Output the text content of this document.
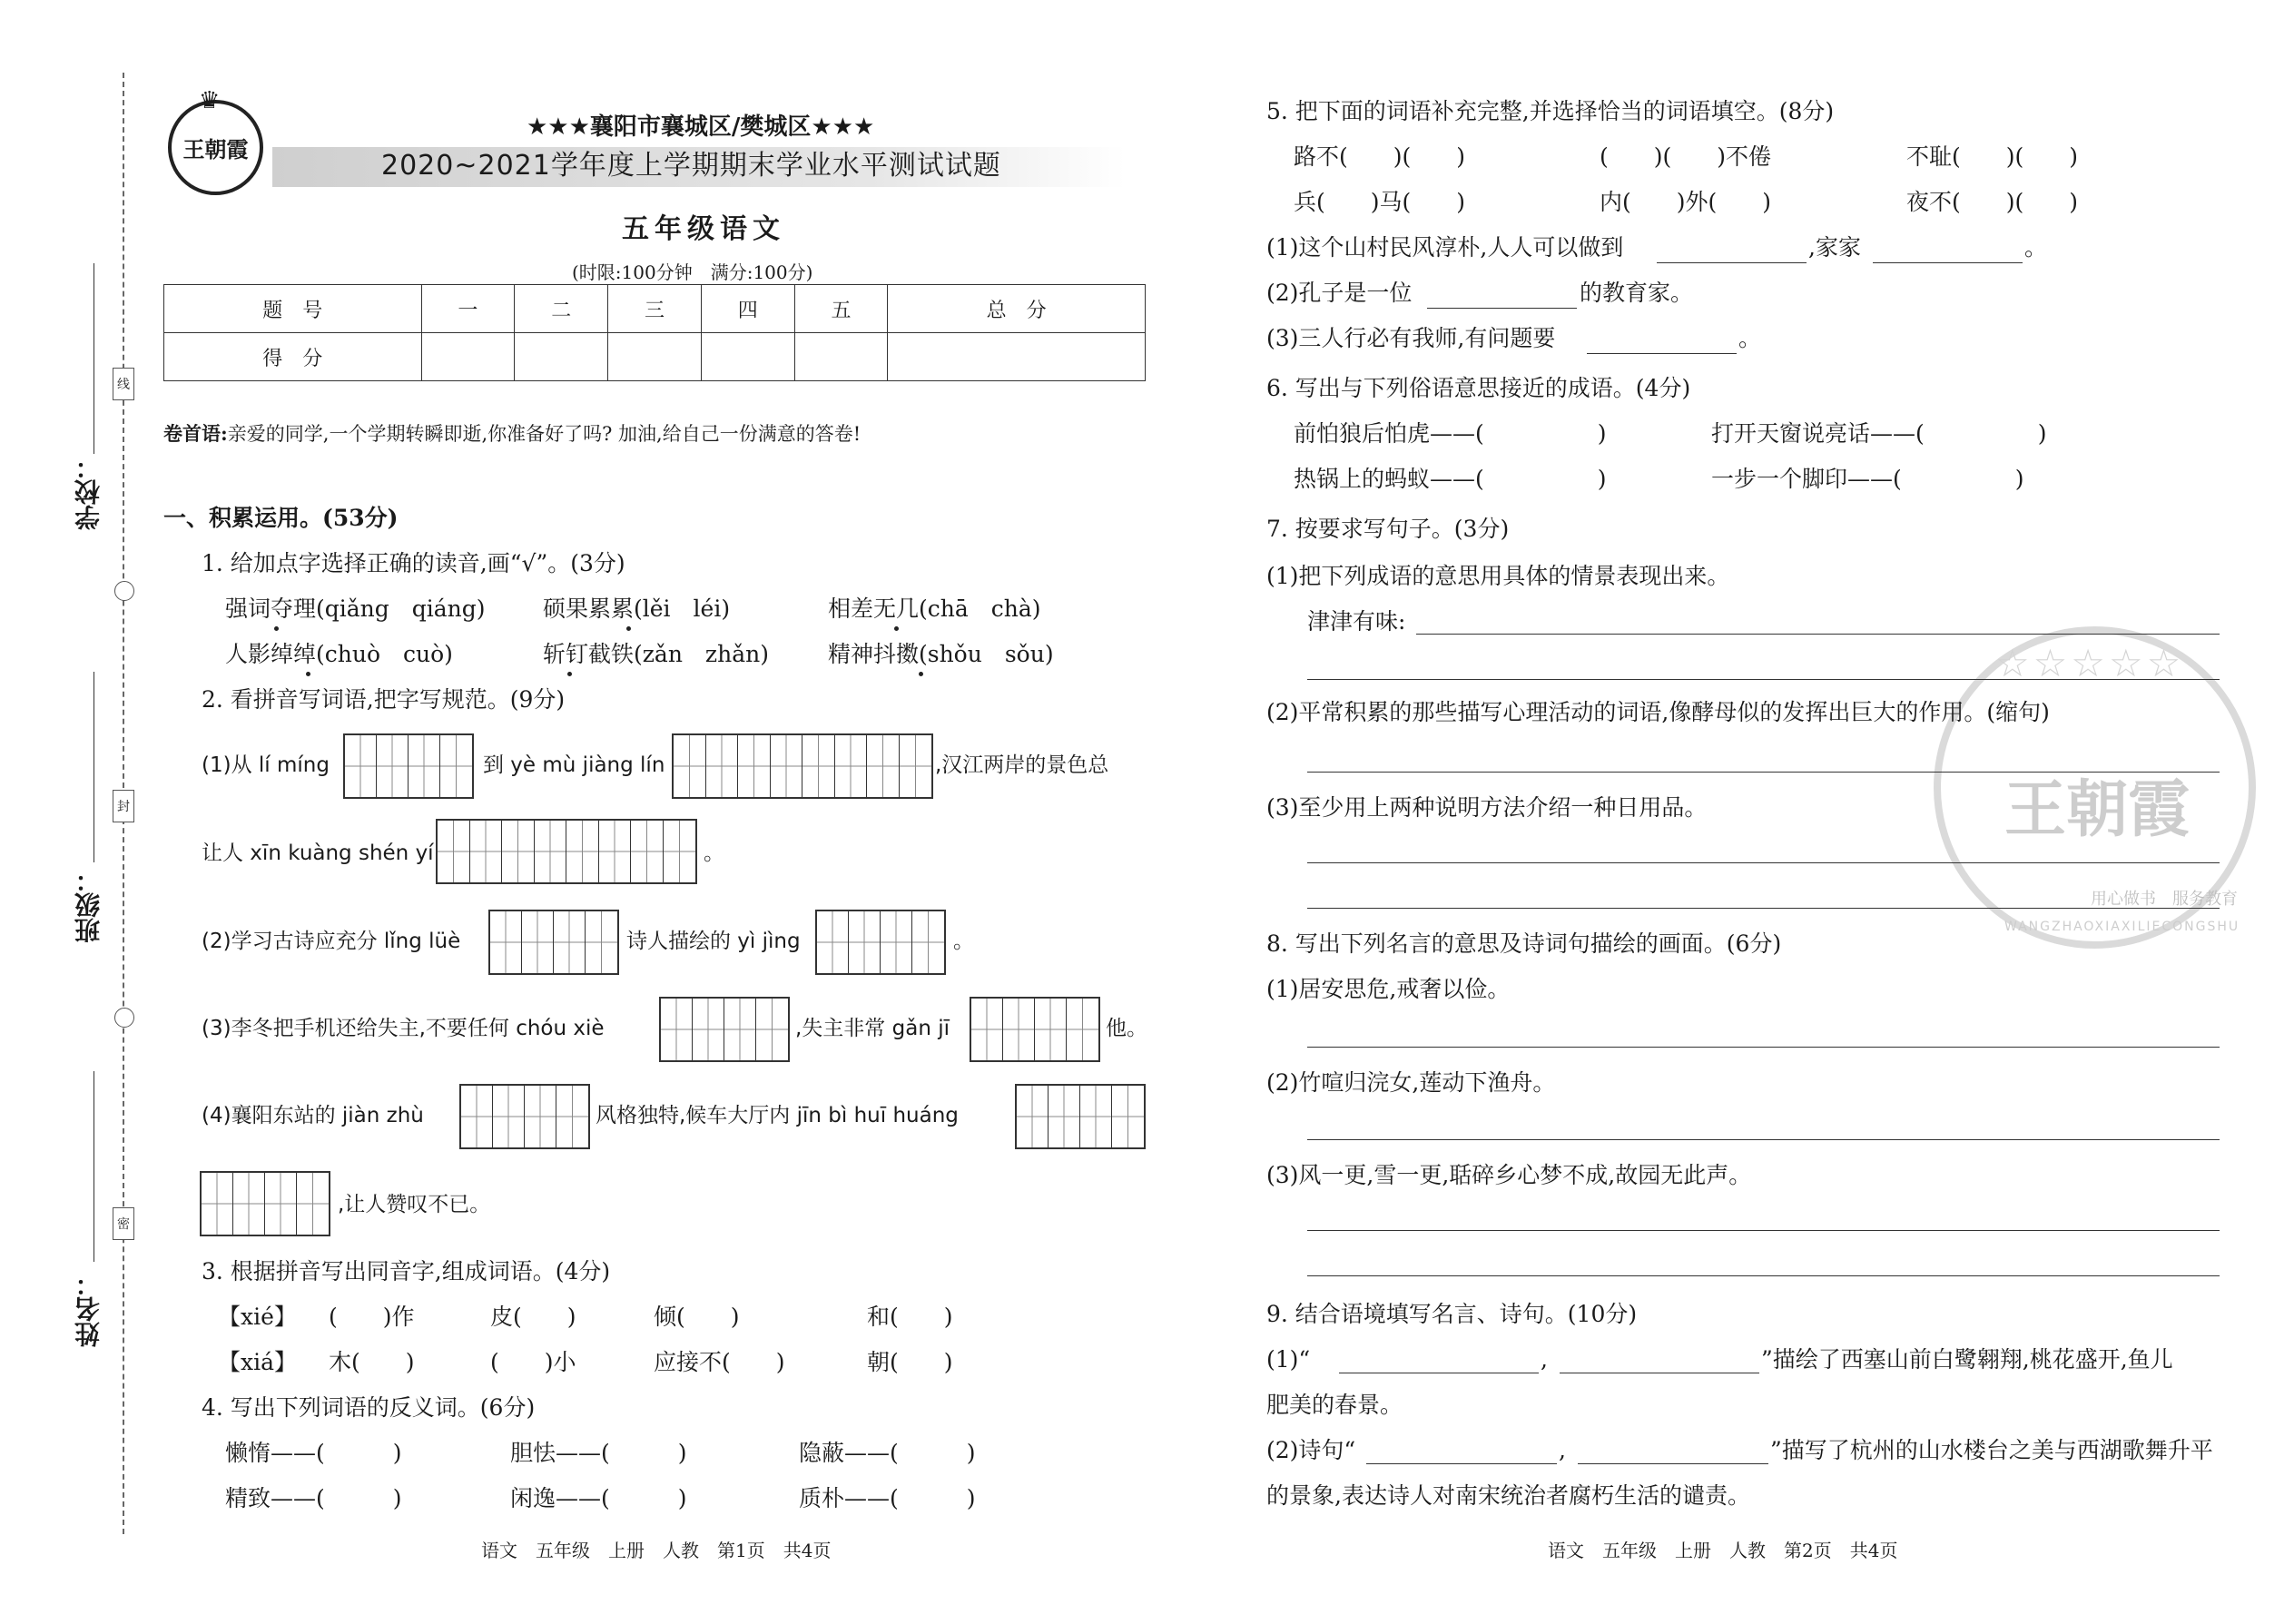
线
封
密
学校：
班级：
姓名：
♛
王朝霞
★★★襄阳市襄城区/樊城区★★★
2020~2021学年度上学期期末学业水平测试试题
五年级语文
(时限:100分钟　满分:100分)
题　号	一	二	三	四	五	总　分
得　分						
卷首语:亲爱的同学,一个学期转瞬即逝,你准备好了吗? 加油,给自己一份满意的答卷!
一、积累运用。(53分)
1. 给加点字选择正确的读音,画“√”。(3分)
强词夺理(qiǎng　qiáng)	硕果累累(lěi　léi)	相差无几(chā　chà)
人影绰绰(chuò　cuò)	斩钉截铁(zǎn　zhǎn)	精神抖擞(shǒu　sǒu)
2. 看拼音写词语,把字写规范。(9分)
(1)从 lí míng	到 yè mù jiàng lín	,汉江两岸的景色总
让人 xīn kuàng shén yí	。
(2)学习古诗应充分 lǐng lüè	诗人描绘的 yì jìng	。
(3)李冬把手机还给失主,不要任何 chóu xiè	,失主非常 gǎn jī	他。
(4)襄阳东站的 jiàn zhù	风格独特,候车大厅内 jīn bì huī huáng
,让人赞叹不已。
3. 根据拼音写出同音字,组成词语。(4分)
【xié】 (　　)作	皮(　　)	倾(　　)	和(　　)
【xiá】 木(　　)	(　　)小	应接不(　　)	朝(　　)
4. 写出下列词语的反义词。(6分)
懒惰——(　　　)	胆怯——(　　　)	隐蔽——(　　　)
精致——(　　　)	闲逸——(　　　)	质朴——(　　　)
语文　五年级　上册　人教　第1页　共4页
☆☆☆☆☆
王朝霞
用心做书　服务教育
WANGZHAOXIAXILIECONGSHU
5. 把下面的词语补充完整,并选择恰当的词语填空。(8分)
路不(　　)(　　)	(　　)(　　)不倦	不耻(　　)(　　)
兵(　　)马(　　)	内(　　)外(　　)	夜不(　　)(　　)
(1)这个山村民风淳朴,人人可以做到	,家家	。
(2)孔子是一位	的教育家。
(3)三人行必有我师,有问题要	。
6. 写出与下列俗语意思接近的成语。(4分)
前怕狼后怕虎——(　　　　　)	打开天窗说亮话——(　　　　　)
热锅上的蚂蚁——(　　　　　)	一步一个脚印——(　　　　　)
7. 按要求写句子。(3分)
(1)把下列成语的意思用具体的情景表现出来。
津津有味:
(2)平常积累的那些描写心理活动的词语,像酵母似的发挥出巨大的作用。(缩句)
(3)至少用上两种说明方法介绍一种日用品。
8. 写出下列名言的意思及诗词句描绘的画面。(6分)
(1)居安思危,戒奢以俭。
(2)竹喧归浣女,莲动下渔舟。
(3)风一更,雪一更,聒碎乡心梦不成,故园无此声。
9. 结合语境填写名言、诗句。(10分)
(1)“	,	”描绘了西塞山前白鹭翱翔,桃花盛开,鱼儿
肥美的春景。
(2)诗句“	,	”描写了杭州的山水楼台之美与西湖歌舞升平
的景象,表达诗人对南宋统治者腐朽生活的谴责。
语文　五年级　上册　人教　第2页　共4页
